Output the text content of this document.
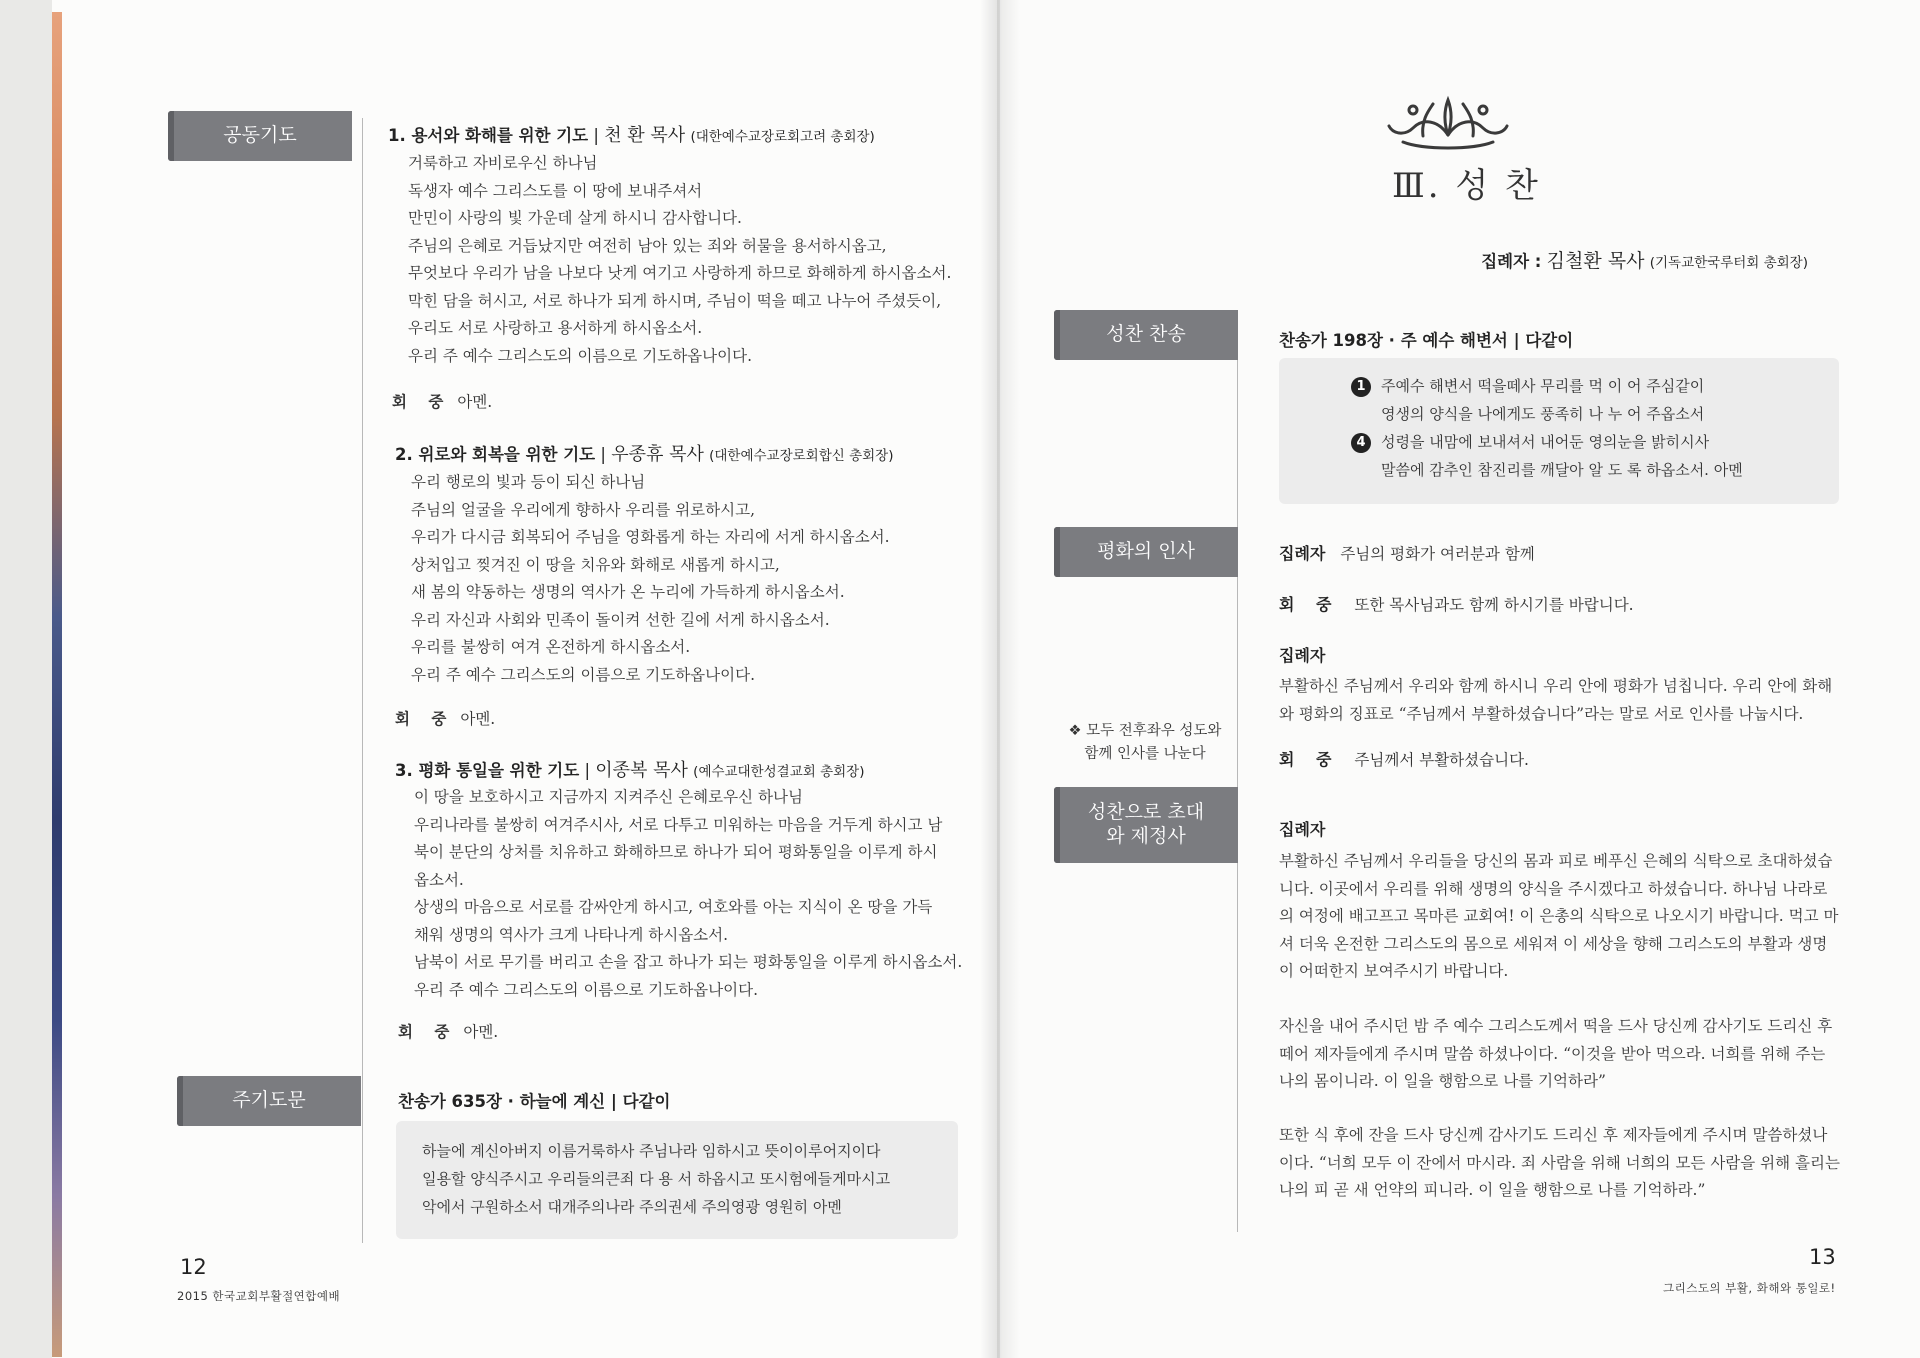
공동기도	1. 용서와 화해를 위한 기도 | 천 환 목사 (대한예수교장로회고려 총회장)
거룩하고 자비로우신 하나님
독생자 예수 그리스도를 이 땅에 보내주셔서
만민이 사랑의 빛 가운데 살게 하시니 감사합니다.
주님의 은혜로 거듭났지만 여전히 남아 있는 죄와 허물을 용서하시옵고,
무엇보다 우리가 남을 나보다 낫게 여기고 사랑하게 하므로 화해하게 하시옵소서.
막힌 담을 허시고, 서로 하나가 되게 하시며, 주님이 떡을 떼고 나누어 주셨듯이,
우리도 서로 사랑하고 용서하게 하시옵소서.
우리 주 예수 그리스도의 이름으로 기도하옵나이다.
회 중 아멘.
2. 위로와 회복을 위한 기도 | 우종휴 목사 (대한예수교장로회합신 총회장)
우리 행로의 빛과 등이 되신 하나님
주님의 얼굴을 우리에게 향하사 우리를 위로하시고,
우리가 다시금 회복되어 주님을 영화롭게 하는 자리에 서게 하시옵소서.
상처입고 찢겨진 이 땅을 치유와 화해로 새롭게 하시고,
새 봄의 약동하는 생명의 역사가 온 누리에 가득하게 하시옵소서.
우리 자신과 사회와 민족이 돌이켜 선한 길에 서게 하시옵소서.
우리를 불쌍히 여겨 온전하게 하시옵소서.
우리 주 예수 그리스도의 이름으로 기도하옵나이다.
회 중 아멘.
3. 평화 통일을 위한 기도 | 이종복 목사 (예수교대한성결교회 총회장)
이 땅을 보호하시고 지금까지 지켜주신 은혜로우신 하나님
우리나라를 불쌍히 여겨주시사, 서로 다투고 미워하는 마음을 거두게 하시고 남
북이 분단의 상처를 치유하고 화해하므로 하나가 되어 평화통일을 이루게 하시
옵소서.
상생의 마음으로 서로를 감싸안게 하시고, 여호와를 아는 지식이 온 땅을 가득
채워 생명의 역사가 크게 나타나게 하시옵소서.
남북이 서로 무기를 버리고 손을 잡고 하나가 되는 평화통일을 이루게 하시옵소서.
우리 주 예수 그리스도의 이름으로 기도하옵나이다.
회 중 아멘.
주기도문	찬송가 635장 · 하늘에 계신 | 다같이
하늘에 계신아버지 이름거룩하사 주님나라 임하시고 뜻이이루어지이다
일용할 양식주시고 우리들의큰죄 다 용 서 하옵시고 또시험에들게마시고
악에서 구원하소서 대개주의나라 주의권세 주의영광 영원히 아멘
12
2015 한국교회부활절연합예배
Ⅲ. 성 찬
집례자 : 김철환 목사 (기독교한국루터회 총회장)
성찬 찬송	찬송가 198장 · 주 예수 해변서 | 다같이
1 주예수 해변서 떡을떼사 무리를 먹 이 어 주심같이
영생의 양식을 나에게도 풍족히 나 누 어 주옵소서
4 성령을 내맘에 보내셔서 내어둔 영의눈을 밝히시사
말씀에 감추인 참진리를 깨달아 알 도 록 하옵소서. 아멘
평화의 인사	집례자 주님의 평화가 여러분과 함께
회 중 또한 목사님과도 함께 하시기를 바랍니다.
집례자
부활하신 주님께서 우리와 함께 하시니 우리 안에 평화가 넘칩니다. 우리 안에 화해와 평화의 징표로 “주님께서 부활하셨습니다”라는 말로 서로 인사를 나눕시다.
회 중 주님께서 부활하셨습니다.
❖ 모두 전후좌우 성도와 함께 인사를 나눈다
성찬으로 초대와 제정사	집례자
부활하신 주님께서 우리들을 당신의 몸과 피로 베푸신 은혜의 식탁으로 초대하셨습니다. 이곳에서 우리를 위해 생명의 양식을 주시겠다고 하셨습니다. 하나님 나라로의 여정에 배고프고 목마른 교회여! 이 은총의 식탁으로 나오시기 바랍니다. 먹고 마셔 더욱 온전한 그리스도의 몸으로 세워져 이 세상을 향해 그리스도의 부활과 생명이 어떠한지 보여주시기 바랍니다.
자신을 내어 주시던 밤 주 예수 그리스도께서 떡을 드사 당신께 감사기도 드리신 후 떼어 제자들에게 주시며 말씀 하셨나이다. “이것을 받아 먹으라. 너희를 위해 주는 나의 몸이니라. 이 일을 행함으로 나를 기억하라”
또한 식 후에 잔을 드사 당신께 감사기도 드리신 후 제자들에게 주시며 말씀하셨나이다. “너희 모두 이 잔에서 마시라. 죄 사람을 위해 너희의 모든 사람을 위해 흘리는 나의 피 곧 새 언약의 피니라. 이 일을 행함으로 나를 기억하라.”
13
그리스도의 부활, 화해와 통일로!
